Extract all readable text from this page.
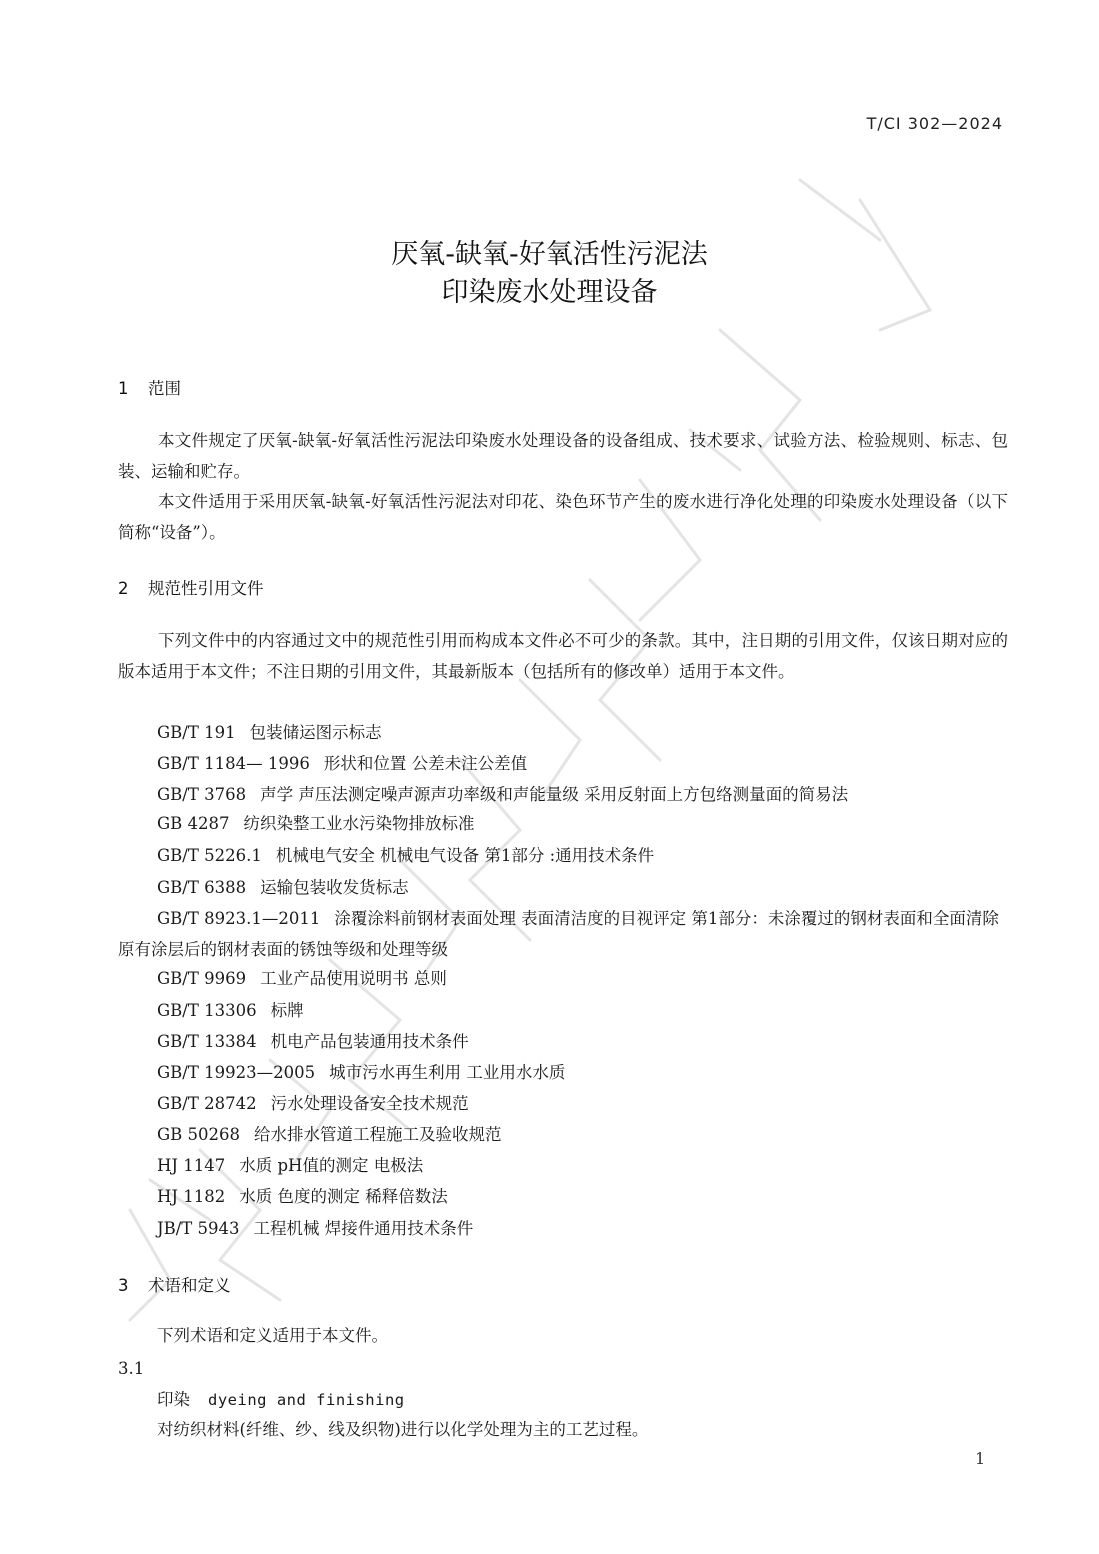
T/CI 302—2024
厌氧-缺氧-好氧活性污泥法
印染废水处理设备
1 范围

本文件规定了厌氧-缺氧-好氧活性污泥法印染废水处理设备的设备组成、技术要求、试验方法、检验规则、标志、包装、运输和贮存。

本文件适用于采用厌氧-缺氧-好氧活性污泥法对印花、染色环节产生的废水进行净化处理的印染废水处理设备（以下简称“设备”）。

2 规范性引用文件

下列文件中的内容通过文中的规范性引用而构成本文件必不可少的条款。其中，注日期的引用文件，仅该日期对应的版本适用于本文件；不注日期的引用文件，其最新版本（包括所有的修改单）适用于本文件。

GB/T 191 包装储运图示标志
GB/T 1184— 1996 形状和位置 公差未注公差值
GB/T 3768 声学 声压法测定噪声源声功率级和声能量级 采用反射面上方包络测量面的简易法
GB 4287 纺织染整工业水污染物排放标准
GB/T 5226.1 机械电气安全 机械电气设备 第1部分 :通用技术条件
GB/T 6388 运输包装收发货标志

GB/T 8923.1—2011 涂覆涂料前钢材表面处理 表面清洁度的目视评定 第1部分：未涂覆过的钢材表面和全面清除原有涂层后的钢材表面的锈蚀等级和处理等级

GB/T 9969 工业产品使用说明书 总则
GB/T 13306 标牌
GB/T 13384 机电产品包装通用技术条件
GB/T 19923—2005 城市污水再生利用 工业用水水质
GB/T 28742 污水处理设备安全技术规范
GB 50268 给水排水管道工程施工及验收规范
HJ 1147 水质 pH值的测定 电极法
HJ 1182 水质 色度的测定 稀释倍数法
JB/T 5943 工程机械 焊接件通用技术条件
3 术语和定义
下列术语和定义适用于本文件。
3.1
印染 dyeing and finishing
对纺织材料(纤维、纱、线及织物)进行以化学处理为主的工艺过程。
1
